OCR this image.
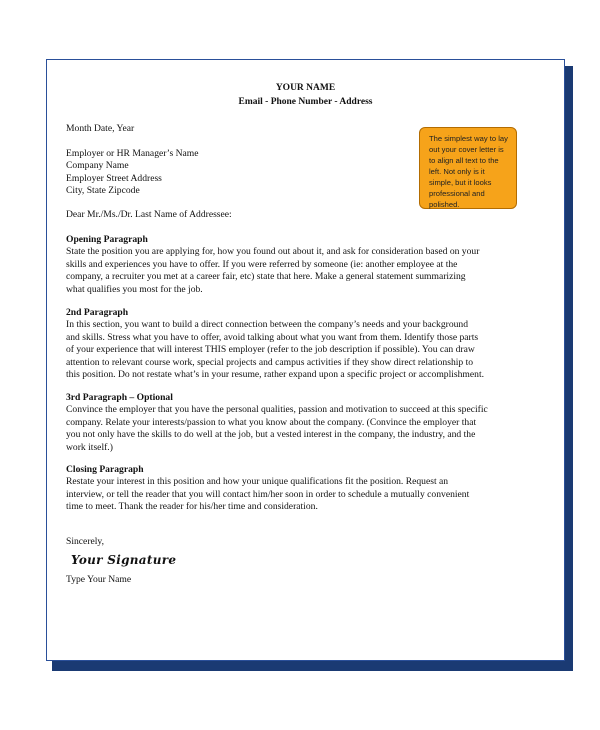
YOUR NAME
Email - Phone Number - Address
Month Date, Year

Employer or HR Manager’s Name

Company Name

Employer Street Address

City, State Zipcode

Dear Mr./Ms./Dr. Last Name of Addressee:

Opening Paragraph

State the position you are applying for, how you found out about it, and ask for consideration based on your

skills and experiences you have to offer. If you were referred by someone (ie: another employee at the

company, a recruiter you met at a career fair, etc) state that here. Make a general statement summarizing

what qualifies you most for the job.

2nd Paragraph

In this section, you want to build a direct connection between the company’s needs and your background

and skills. Stress what you have to offer, avoid talking about what you want from them. Identify those parts

of your experience that will interest THIS employer (refer to the job description if possible). You can draw

attention to relevant course work, special projects and campus activities if they show direct relationship to

this position. Do not restate what’s in your resume, rather expand upon a specific project or accomplishment.

3rd Paragraph – Optional

Convince the employer that you have the personal qualities, passion and motivation to succeed at this specific

company. Relate your interests/passion to what you know about the company. (Convince the employer that

you not only have the skills to do well at the job, but a vested interest in the company, the industry, and the

work itself.)

Closing Paragraph

Restate your interest in this position and how your unique qualifications fit the position. Request an

interview, or tell the reader that you will contact him/her soon in order to schedule a mutually convenient

time to meet. Thank the reader for his/her time and consideration.

Sincerely,
Your Signature
Type Your Name
The simplest way to lay out your cover letter is to align all text to the left. Not only is it simple, but it looks professional and polished.
